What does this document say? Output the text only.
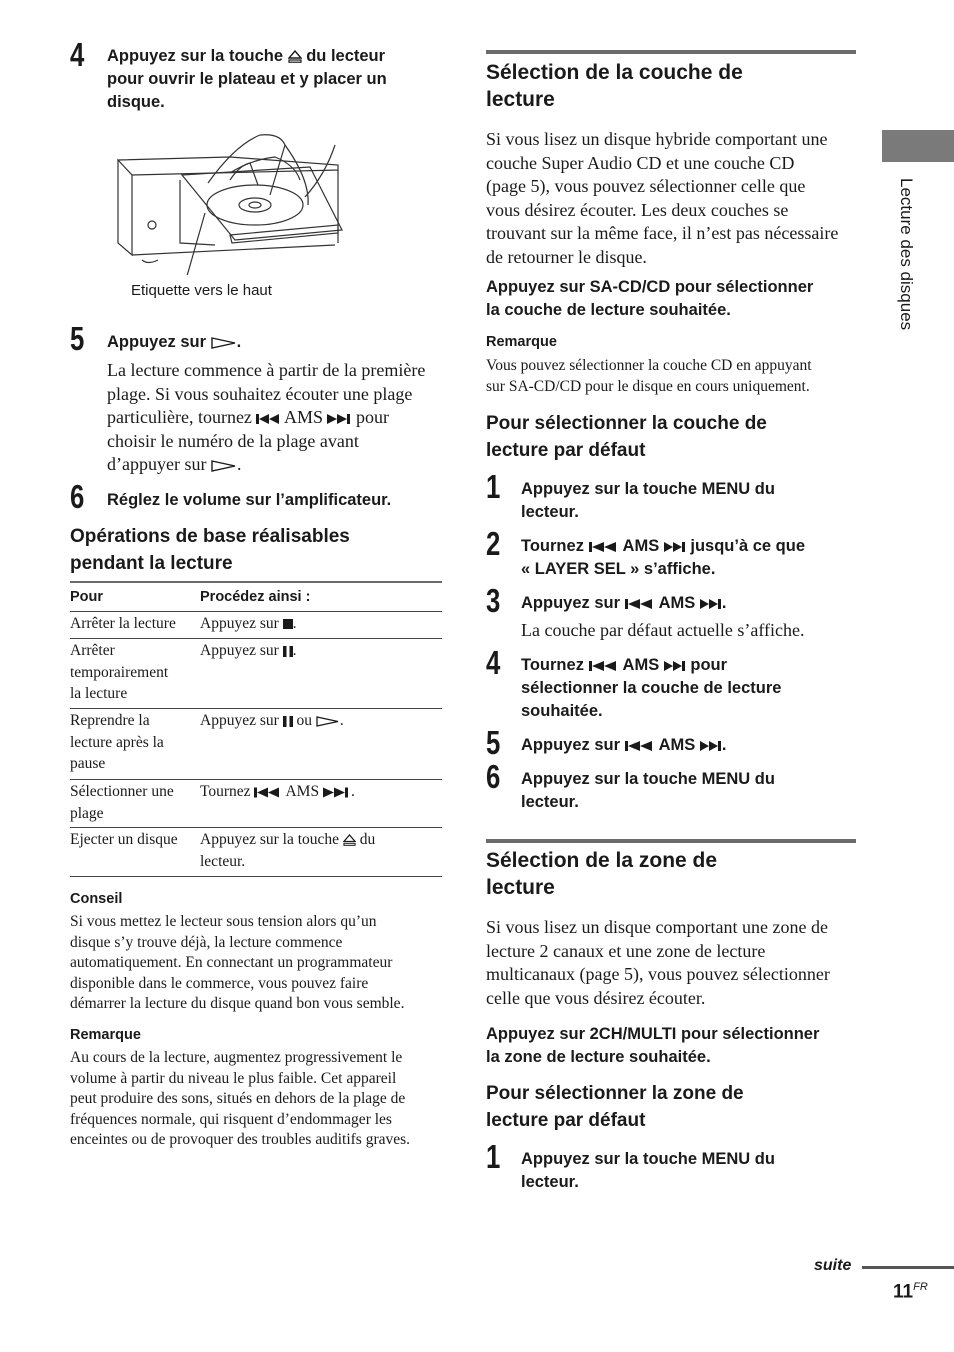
4 Appuyez sur la touche  du lecteur
pour ouvrir le plateau et y placer un
disque.
Etiquette vers le haut
5 Appuyez sur .
La lecture commence à partir de la première
plage. Si vous souhaitez écouter une plage
particulière, tournez AMS pour
choisir le numéro de la plage avant
d’appuyer sur .
6 Réglez le volume sur l’amplificateur.
Opérations de base réalisables
pendant la lecture
Pour	Procédez ainsi :
Arrêter la lecture Appuyez sur .
Arrêter
temporairement
la lecture
Appuyez sur .
Reprendre la
lecture après la
pause
Appuyez sur ou .
Sélectionner une
plage
Tournez AMS .
Ejecter un disque Appuyez sur la touche du
lecteur.
Conseil
Si vous mettez le lecteur sous tension alors qu’un
disque s’y trouve déjà, la lecture commence
automatiquement. En connectant un programmateur
disponible dans le commerce, vous pouvez faire
démarrer la lecture du disque quand bon vous semble.
Remarque
Au cours de la lecture, augmentez progressivement le
volume à partir du niveau le plus faible. Cet appareil
peut produire des sons, situés en dehors de la plage de
fréquences normale, qui risquent d’endommager les
enceintes ou de provoquer des troubles auditifs graves.
Sélection de la couche de
lecture
Si vous lisez un disque hybride comportant une
couche Super Audio CD et une couche CD
(page 5), vous pouvez sélectionner celle que
vous désirez écouter. Les deux couches se
trouvant sur la même face, il n’est pas nécessaire
de retourner le disque.
Appuyez sur SA-CD/CD pour sélectionner
la couche de lecture souhaitée.
Remarque
Vous pouvez sélectionner la couche CD en appuyant
sur SA-CD/CD pour le disque en cours uniquement.
Pour sélectionner la couche de
lecture par défaut
1 Appuyez sur la touche MENU du
lecteur.
2 Tournez AMS jusqu’à ce que
« LAYER SEL » s’affiche.
3 Appuyez sur AMS .
La couche par défaut actuelle s’affiche.
4 Tournez AMS pour
sélectionner la couche de lecture
souhaitée.
5 Appuyez sur AMS .
6 Appuyez sur la touche MENU du
lecteur.
Sélection de la zone de
lecture
Si vous lisez un disque comportant une zone de
lecture 2 canaux et une zone de lecture
multicanaux (page 5), vous pouvez sélectionner
celle que vous désirez écouter.
Appuyez sur 2CH/MULTI pour sélectionner
la zone de lecture souhaitée.
Pour sélectionner la zone de
lecture par défaut
1 Appuyez sur la touche MENU du
lecteur.
Lecture des disques
suite
$11^{FR}$
